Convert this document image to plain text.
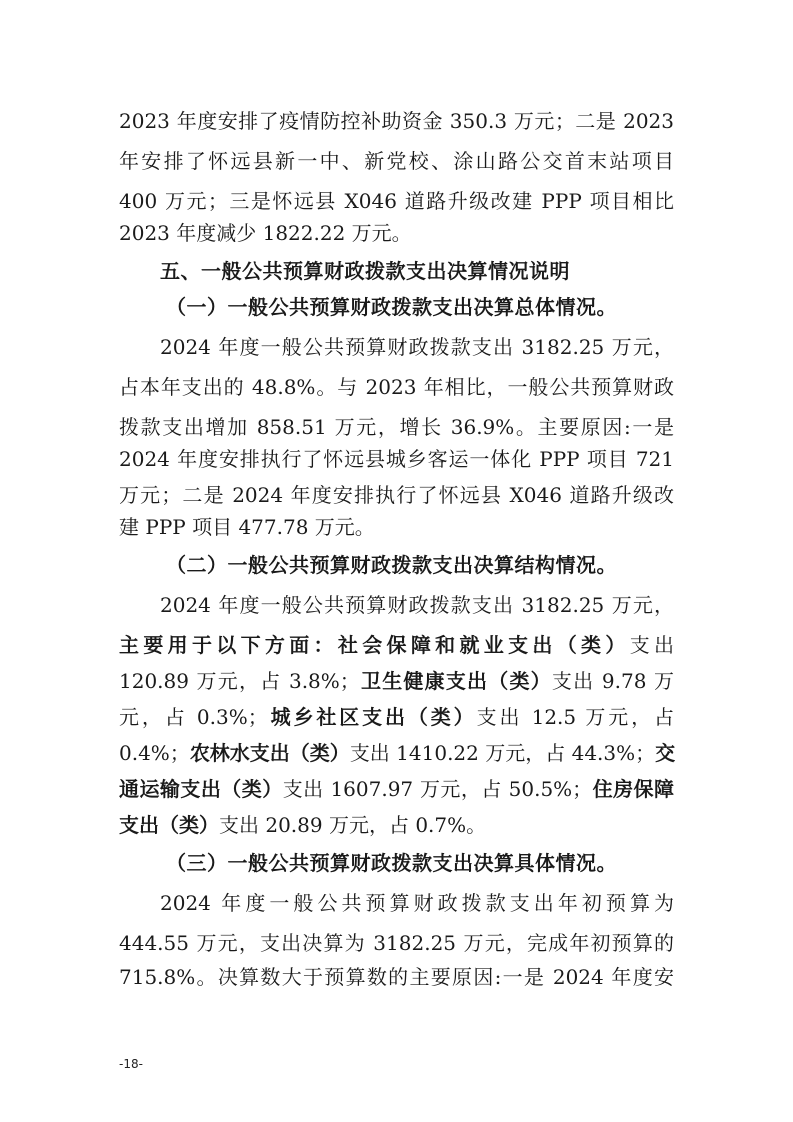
2023 年度安排了疫情防控补助资金 350.3 万元；二是 2023
年安排了怀远县新一中、新党校、涂山路公交首末站项目
400 万元；三是怀远县 X046 道路升级改建 PPP 项目相比
2023 年度减少 1822.22 万元。
五、一般公共预算财政拨款支出决算情况说明
（一）一般公共预算财政拨款支出决算总体情况。
2024 年度一般公共预算财政拨款支出 3182.25 万元，
占本年支出的 48.8%。与 2023 年相比，一般公共预算财政
拨款支出增加 858.51 万元，增长 36.9%。主要原因:一是
2024 年度安排执行了怀远县城乡客运一体化 PPP 项目 721
万元；二是 2024 年度安排执行了怀远县 X046 道路升级改
建 PPP 项目 477.78 万元。
（二）一般公共预算财政拨款支出决算结构情况。
2024 年度一般公共预算财政拨款支出 3182.25 万元，
主要用于以下方面：社会保障和就业支出（类）支出
120.89 万元，占 3.8%；卫生健康支出（类）支出 9.78 万
元，占 0.3%；城乡社区支出（类）支出 12.5 万元，占
0.4%；农林水支出（类）支出 1410.22 万元，占 44.3%；交
通运输支出（类）支出 1607.97 万元，占 50.5%；住房保障
支出（类）支出 20.89 万元，占 0.7%。
（三）一般公共预算财政拨款支出决算具体情况。
2024 年度一般公共预算财政拨款支出年初预算为
444.55 万元，支出决算为 3182.25 万元，完成年初预算的
715.8%。决算数大于预算数的主要原因:一是 2024 年度安
-18-
